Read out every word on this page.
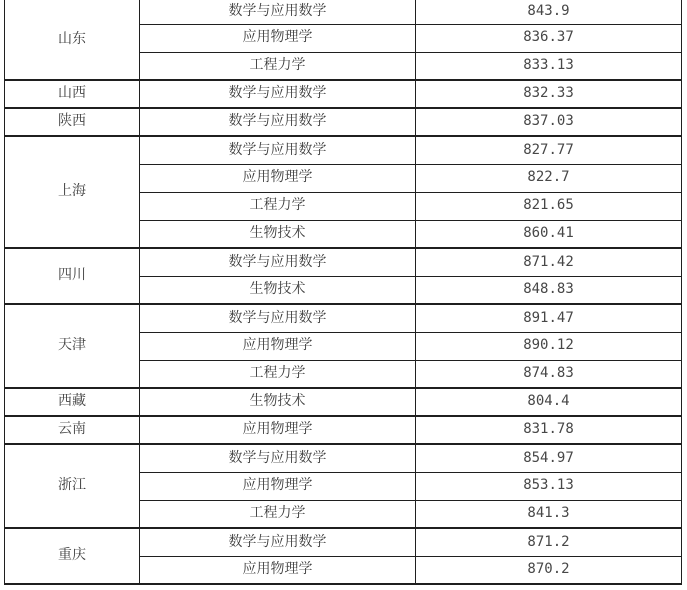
山东	数学与应用数学	843.9
	应用物理学	836.37
	工程力学	833.13
山西	数学与应用数学	832.33
陕西	数学与应用数学	837.03
上海	数学与应用数学	827.77
	应用物理学	822.7
	工程力学	821.65
	生物技术	860.41
四川	数学与应用数学	871.42
	生物技术	848.83
天津	数学与应用数学	891.47
	应用物理学	890.12
	工程力学	874.83
西藏	生物技术	804.4
云南	应用物理学	831.78
浙江	数学与应用数学	854.97
	应用物理学	853.13
	工程力学	841.3
重庆	数学与应用数学	871.2
	应用物理学	870.2
